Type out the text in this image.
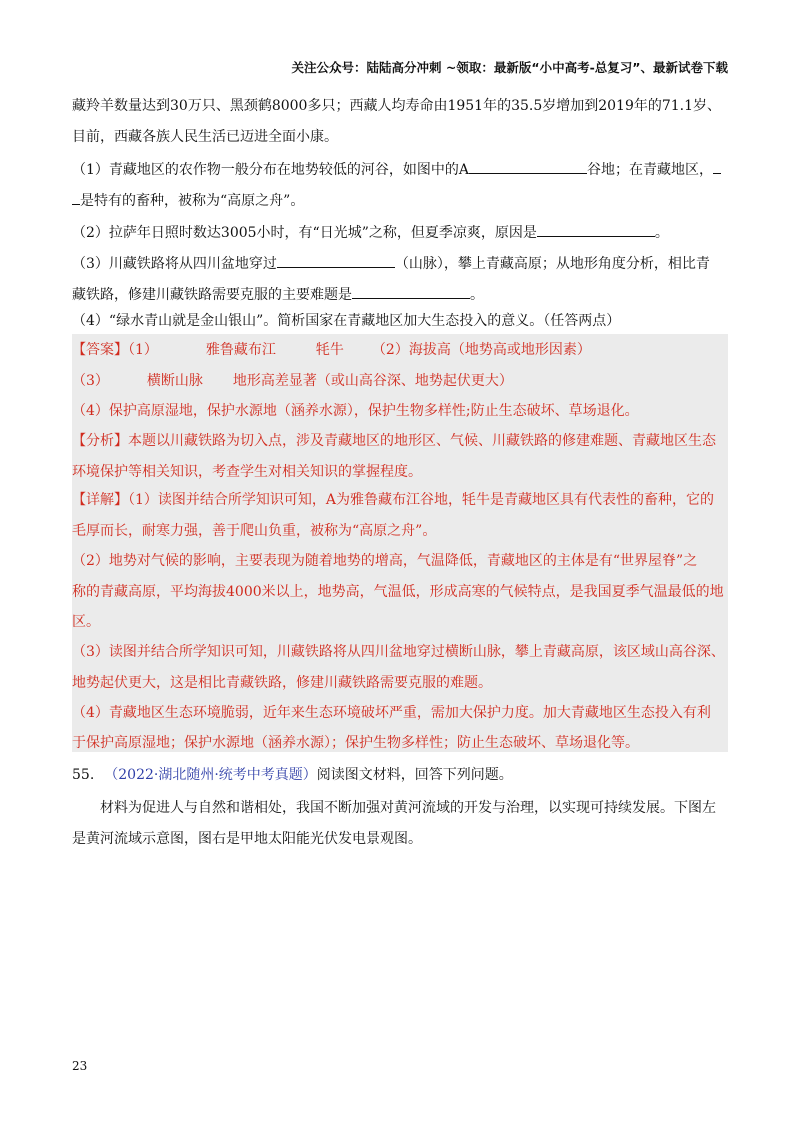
关注公众号：陆陆高分冲刺 ~领取：最新版“小中高考-总复习”、最新试卷下载
藏羚羊数量达到30万只、黑颈鹤8000多只；西藏人均寿命由1951年的35.5岁增加到2019年的71.1岁、
目前，西藏各族人民生活已迈进全面小康。
（1）青藏地区的农作物一般分布在地势较低的河谷，如图中的A	谷地；在青藏地区，
是特有的畜种，被称为“高原之舟”。
（2）拉萨年日照时数达3005小时，有“日光城”之称，但夏季凉爽，原因是	。
（3）川藏铁路将从四川盆地穿过	（山脉），攀上青藏高原；从地形角度分析，相比青
藏铁路，修建川藏铁路需要克服的主要难题是	。
（4）“绿水青山就是金山银山”。简析国家在青藏地区加大生态投入的意义。（任答两点）
【答案】（1）	雅鲁藏布江	牦牛 （2）海拔高（地势高或地形因素）
（3）	横断山脉 地形高差显著（或山高谷深、地势起伏更大）
（4）保护高原湿地，保护水源地（涵养水源），保护生物多样性;防止生态破坏、草场退化。
【分析】本题以川藏铁路为切入点，涉及青藏地区的地形区、气候、川藏铁路的修建难题、青藏地区生态
环境保护等相关知识，考查学生对相关知识的掌握程度。
【详解】（1）读图并结合所学知识可知，A为雅鲁藏布江谷地，牦牛是青藏地区具有代表性的畜种，它的
毛厚而长，耐寒力强，善于爬山负重，被称为“高原之舟”。
（2）地势对气候的影响，主要表现为随着地势的增高，气温降低，青藏地区的主体是有“世界屋脊”之
称的青藏高原，平均海拔4000米以上，地势高，气温低，形成高寒的气候特点，是我国夏季气温最低的地
区。
（3）读图并结合所学知识可知，川藏铁路将从四川盆地穿过横断山脉，攀上青藏高原，该区域山高谷深、
地势起伏更大，这是相比青藏铁路，修建川藏铁路需要克服的难题。
（4）青藏地区生态环境脆弱，近年来生态环境破坏严重，需加大保护力度。加大青藏地区生态投入有利
于保护高原湿地；保护水源地（涵养水源）；保护生物多样性；防止生态破坏、草场退化等。
55. （2022·湖北随州·统考中考真题）阅读图文材料，回答下列问题。
材料为促进人与自然和谐相处，我国不断加强对黄河流域的开发与治理，以实现可持续发展。下图左
是黄河流域示意图，图右是甲地太阳能光伏发电景观图。
23
